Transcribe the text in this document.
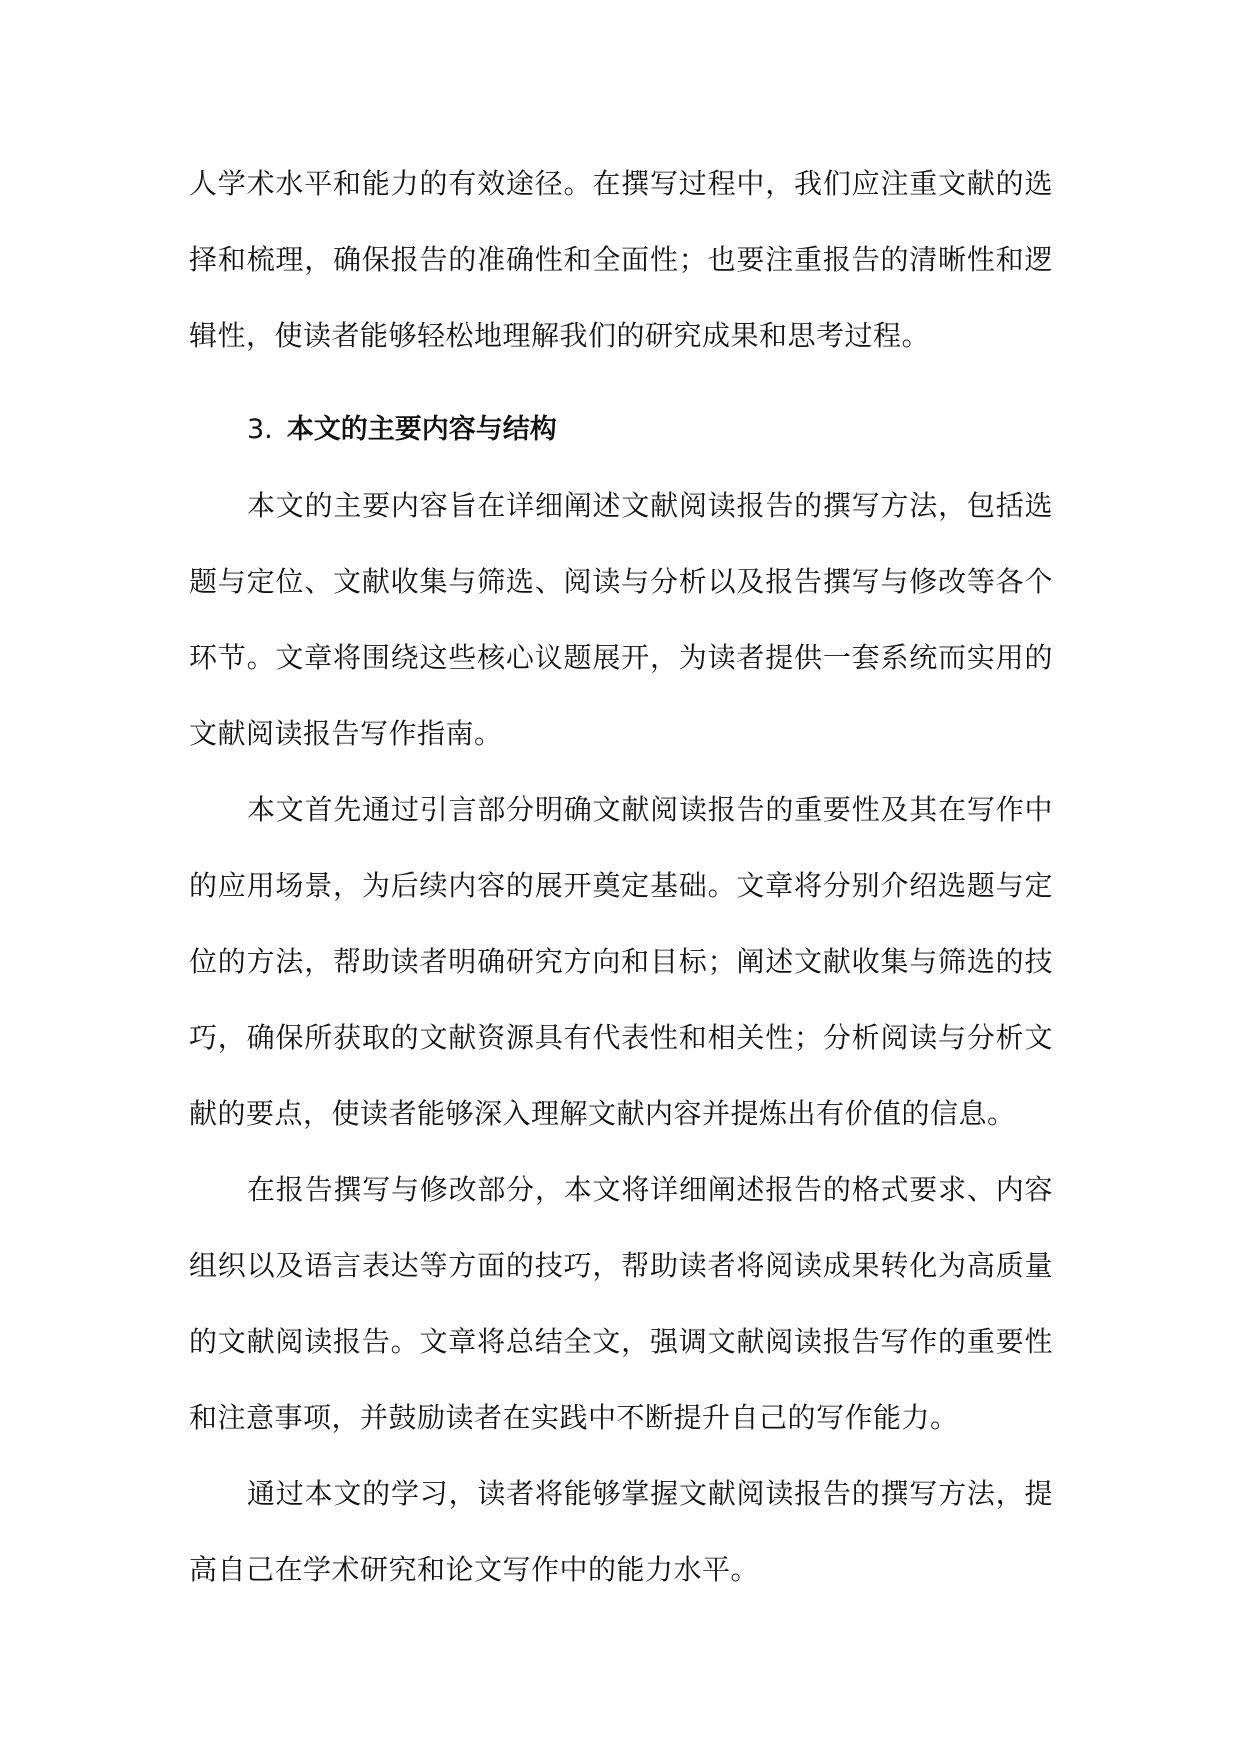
人学术水平和能力的有效途径。在撰写过程中，我们应注重文献的选择和梳理，确保报告的准确性和全面性；也要注重报告的清晰性和逻辑性，使读者能够轻松地理解我们的研究成果和思考过程。

3. 本文的主要内容与结构

本文的主要内容旨在详细阐述文献阅读报告的撰写方法，包括选题与定位、文献收集与筛选、阅读与分析以及报告撰写与修改等各个环节。文章将围绕这些核心议题展开，为读者提供一套系统而实用的文献阅读报告写作指南。

本文首先通过引言部分明确文献阅读报告的重要性及其在写作中的应用场景，为后续内容的展开奠定基础。文章将分别介绍选题与定位的方法，帮助读者明确研究方向和目标；阐述文献收集与筛选的技巧，确保所获取的文献资源具有代表性和相关性；分析阅读与分析文献的要点，使读者能够深入理解文献内容并提炼出有价值的信息。

在报告撰写与修改部分，本文将详细阐述报告的格式要求、内容组织以及语言表达等方面的技巧，帮助读者将阅读成果转化为高质量的文献阅读报告。文章将总结全文，强调文献阅读报告写作的重要性和注意事项，并鼓励读者在实践中不断提升自己的写作能力。

通过本文的学习，读者将能够掌握文献阅读报告的撰写方法，提高自己在学术研究和论文写作中的能力水平。
